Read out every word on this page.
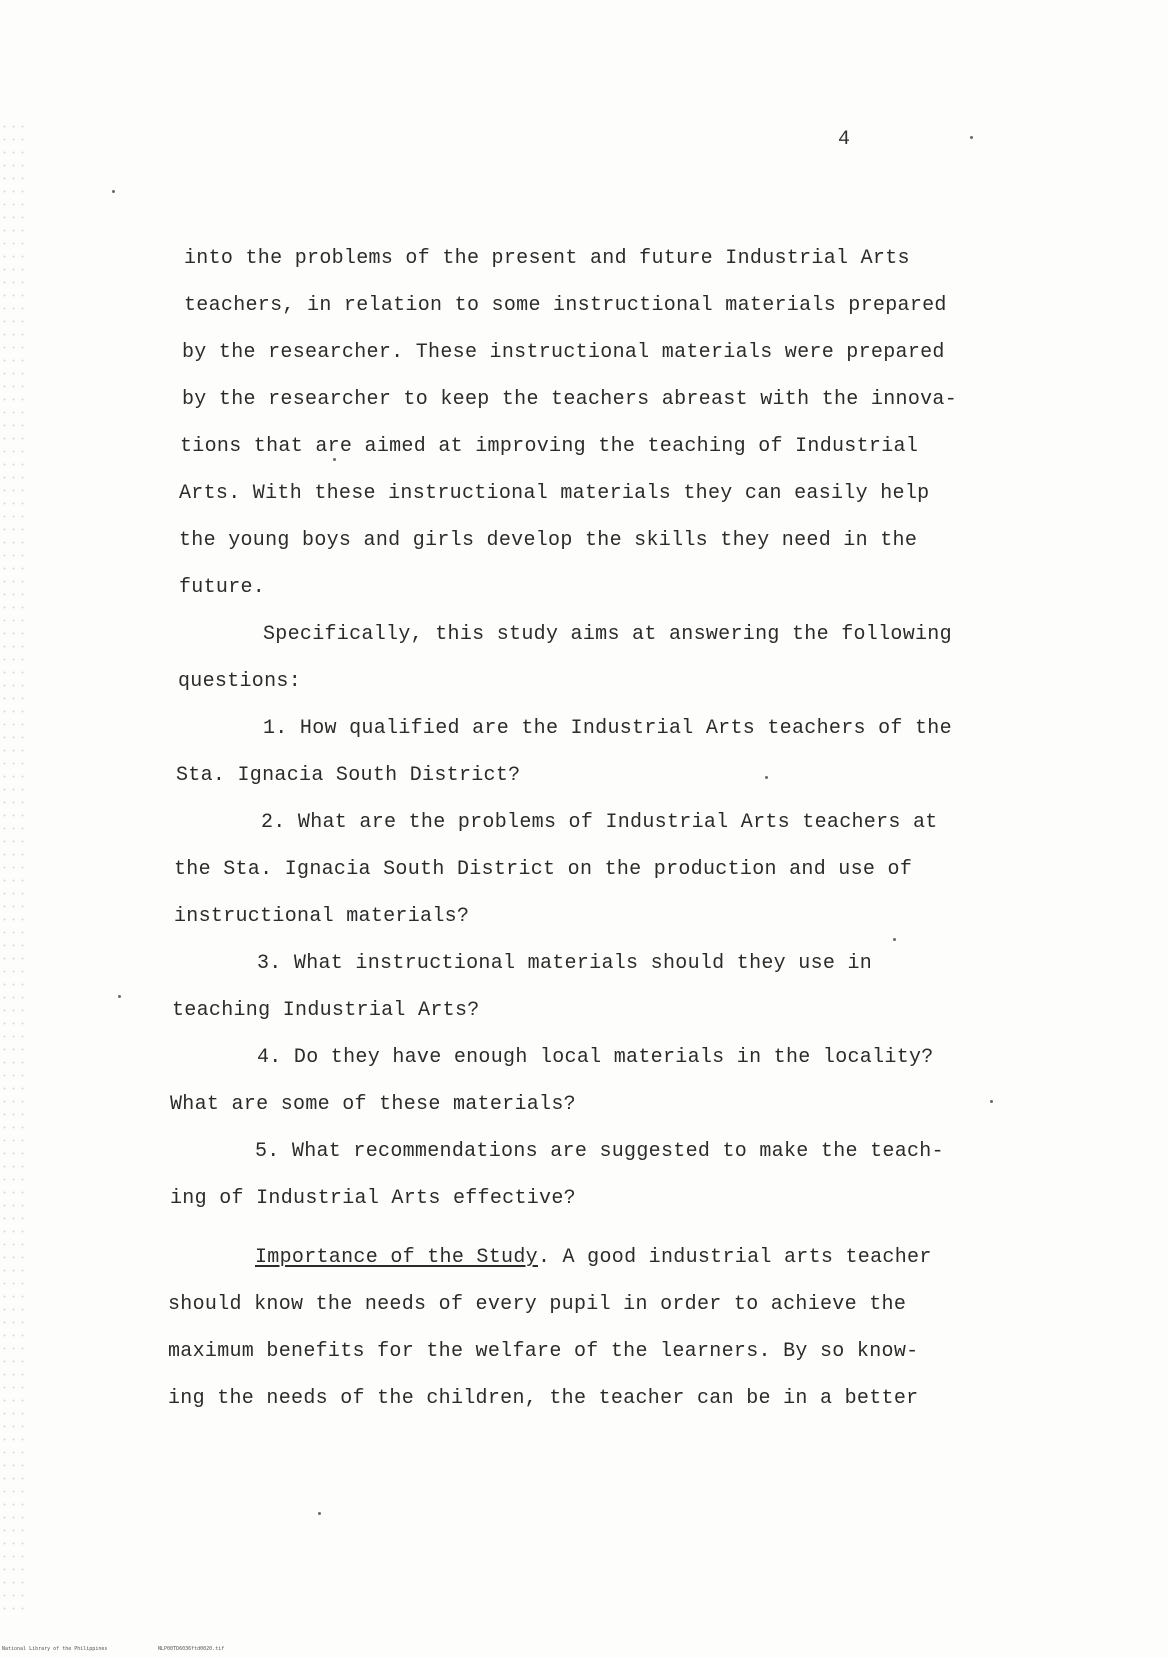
4
into the problems of the present and future Industrial Arts
teachers, in relation to some instructional materials prepared
by the researcher. These instructional materials were prepared
by the researcher to keep the teachers abreast with the innova-
tions that are aimed at improving the teaching of Industrial
Arts. With these instructional materials they can easily help
the young boys and girls develop the skills they need in the
future.
Specifically, this study aims at answering the following
questions:
1. How qualified are the Industrial Arts teachers of the
Sta. Ignacia South District?
2. What are the problems of Industrial Arts teachers at
the Sta. Ignacia South District on the production and use of
instructional materials?
3. What instructional materials should they use in
teaching Industrial Arts?
4. Do they have enough local materials in the locality?
What are some of these materials?
5. What recommendations are suggested to make the teach-
ing of Industrial Arts effective?
Importance of the Study. A good industrial arts teacher
should know the needs of every pupil in order to achieve the
maximum benefits for the welfare of the learners. By so know-
ing the needs of the children, the teacher can be in a better
National Library of the Philippines	NLP00TD6036ftd0020.tif
